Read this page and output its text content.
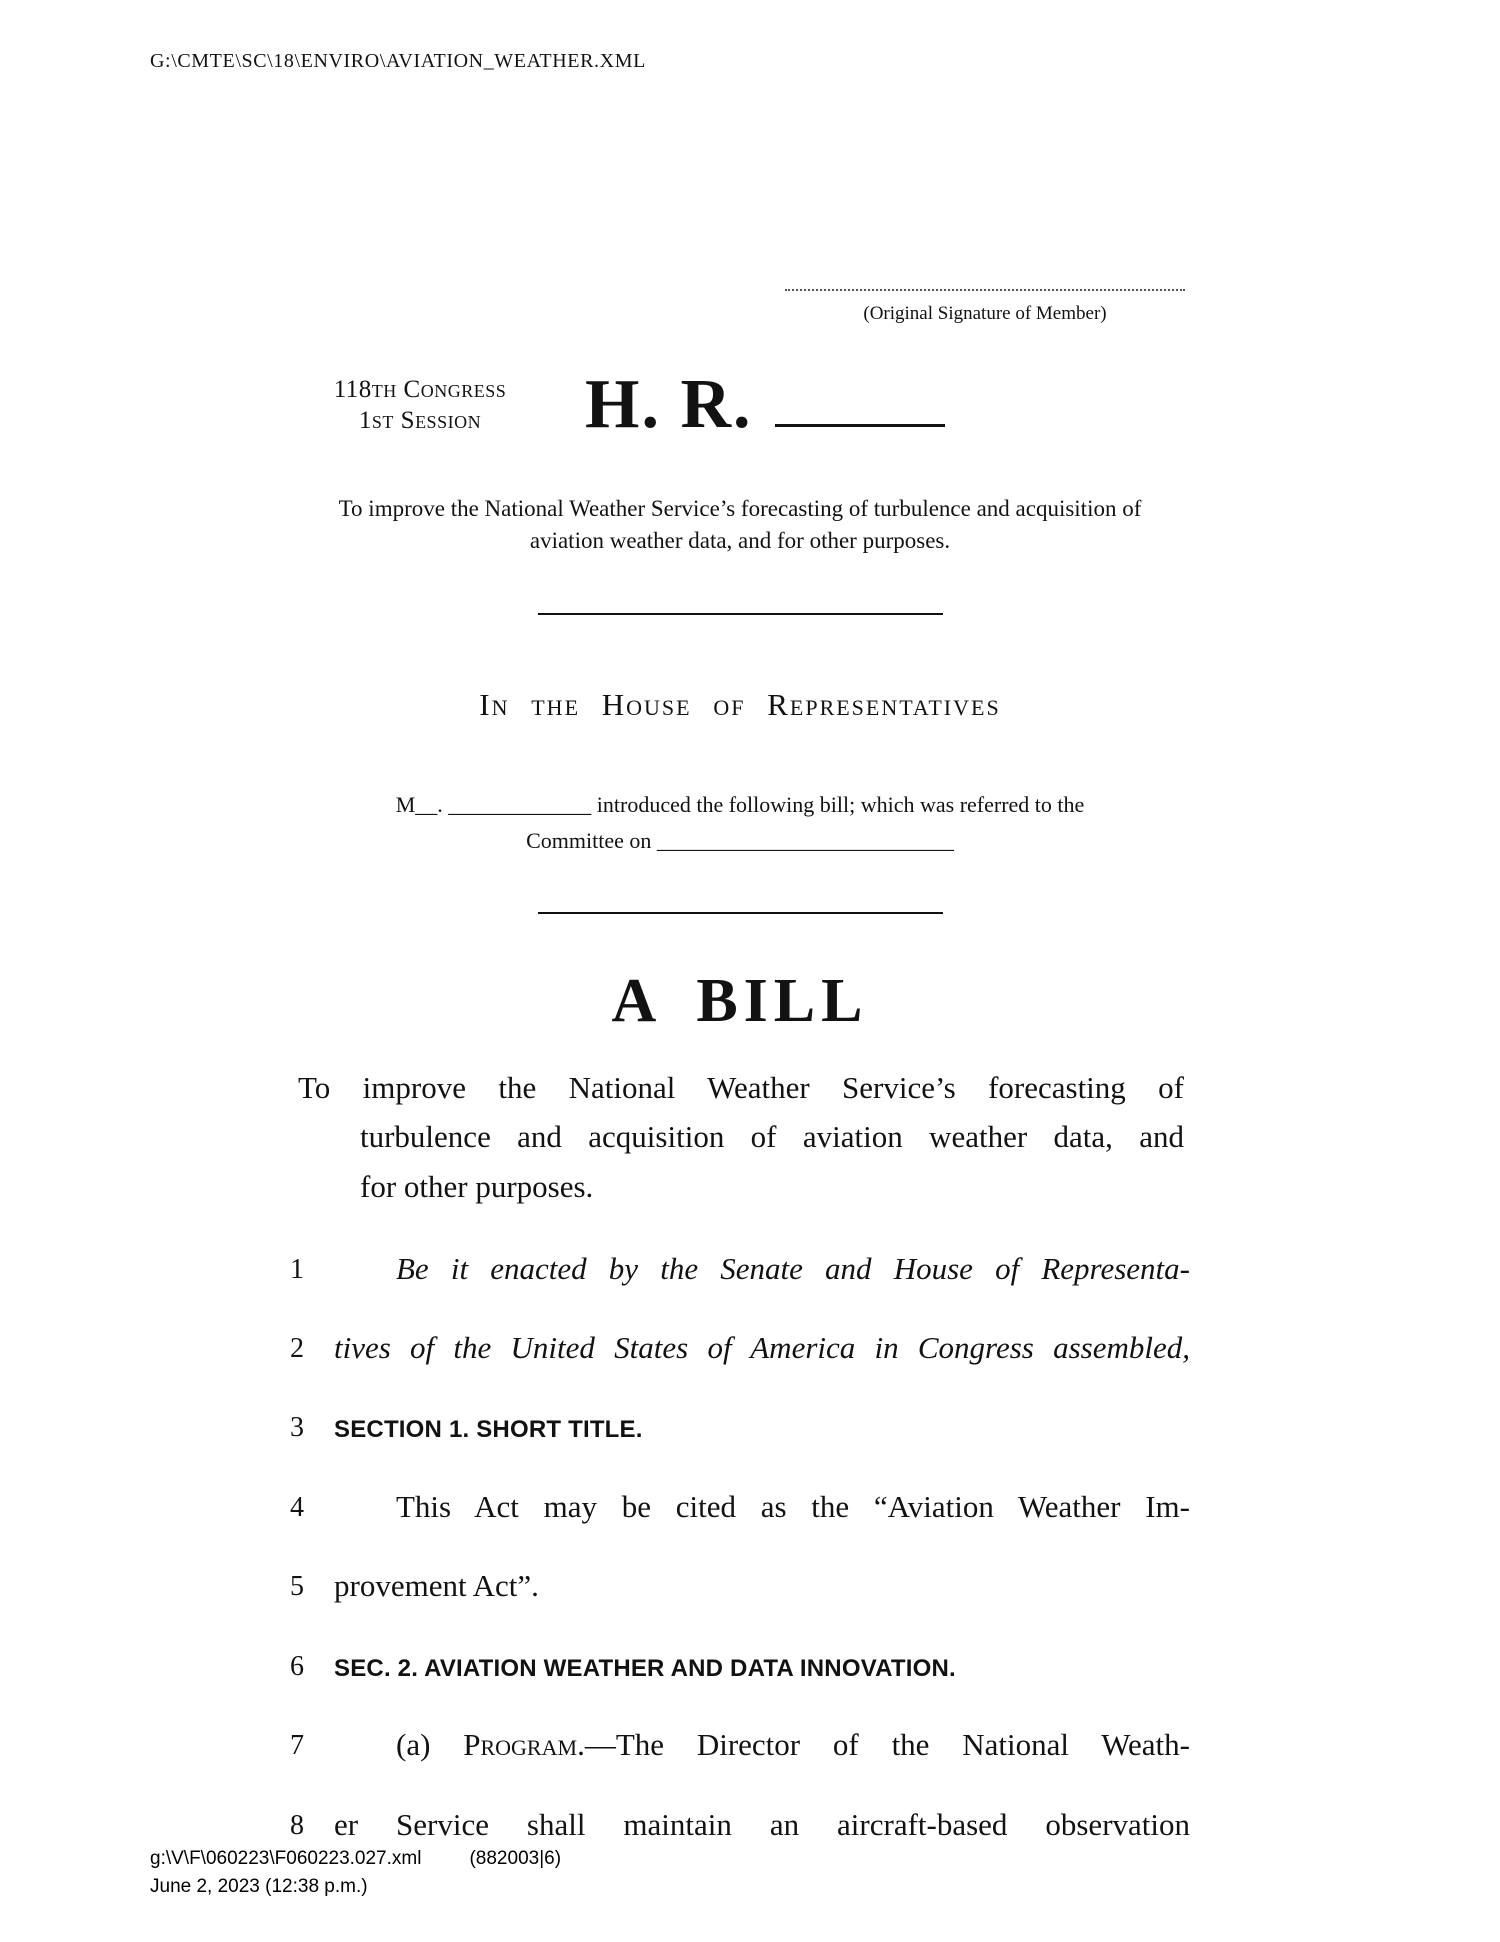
G:\CMTE\SC\18\ENVIRO\AVIATION_WEATHER.XML
(Original Signature of Member)
118th Congress
1st Session	H. R.
To improve the National Weather Service’s forecasting of turbulence and acquisition of aviation weather data, and for other purposes.
In the House of Representatives
M__. _____________ introduced the following bill; which was referred to the
Committee on ___________________________
A BILL
To improve the National Weather Service’s forecasting of
turbulence and acquisition of aviation weather data, and
for other purposes.
1	Be it enacted by the Senate and House of Representa-
2 tives of the United States of America in Congress assembled,
3	SECTION 1. SHORT TITLE.
4	This Act may be cited as the “Aviation Weather Im-
5 provement Act”.
6	SEC. 2. AVIATION WEATHER AND DATA INNOVATION.
7	(a) Program.—The Director of the National Weath-
8 er Service shall maintain an aircraft-based observation
g:\V\F\060223\F060223.027.xml	(882003|6)
June 2, 2023 (12:38 p.m.)
